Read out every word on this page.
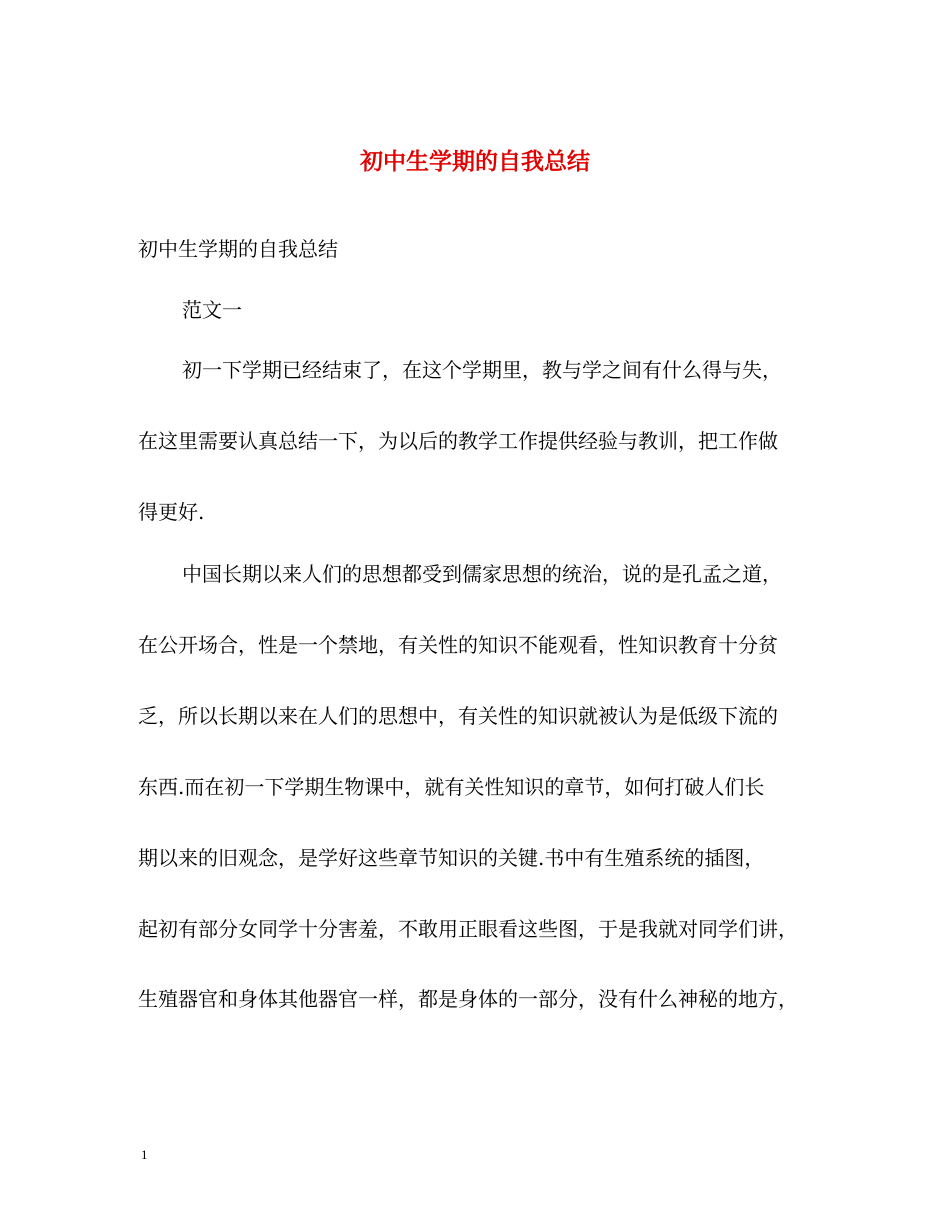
初中生学期的自我总结
初中生学期的自我总结
范文一
初一下学期已经结束了，在这个学期里，教与学之间有什么得与失，
在这里需要认真总结一下，为以后的教学工作提供经验与教训，把工作做
得更好.
中国长期以来人们的思想都受到儒家思想的统治，说的是孔孟之道，
在公开场合，性是一个禁地，有关性的知识不能观看，性知识教育十分贫
乏，所以长期以来在人们的思想中，有关性的知识就被认为是低级下流的
东西.而在初一下学期生物课中，就有关性知识的章节，如何打破人们长
期以来的旧观念，是学好这些章节知识的关键.书中有生殖系统的插图，
起初有部分女同学十分害羞，不敢用正眼看这些图，于是我就对同学们讲，
生殖器官和身体其他器官一样，都是身体的一部分，没有什么神秘的地方，
1
